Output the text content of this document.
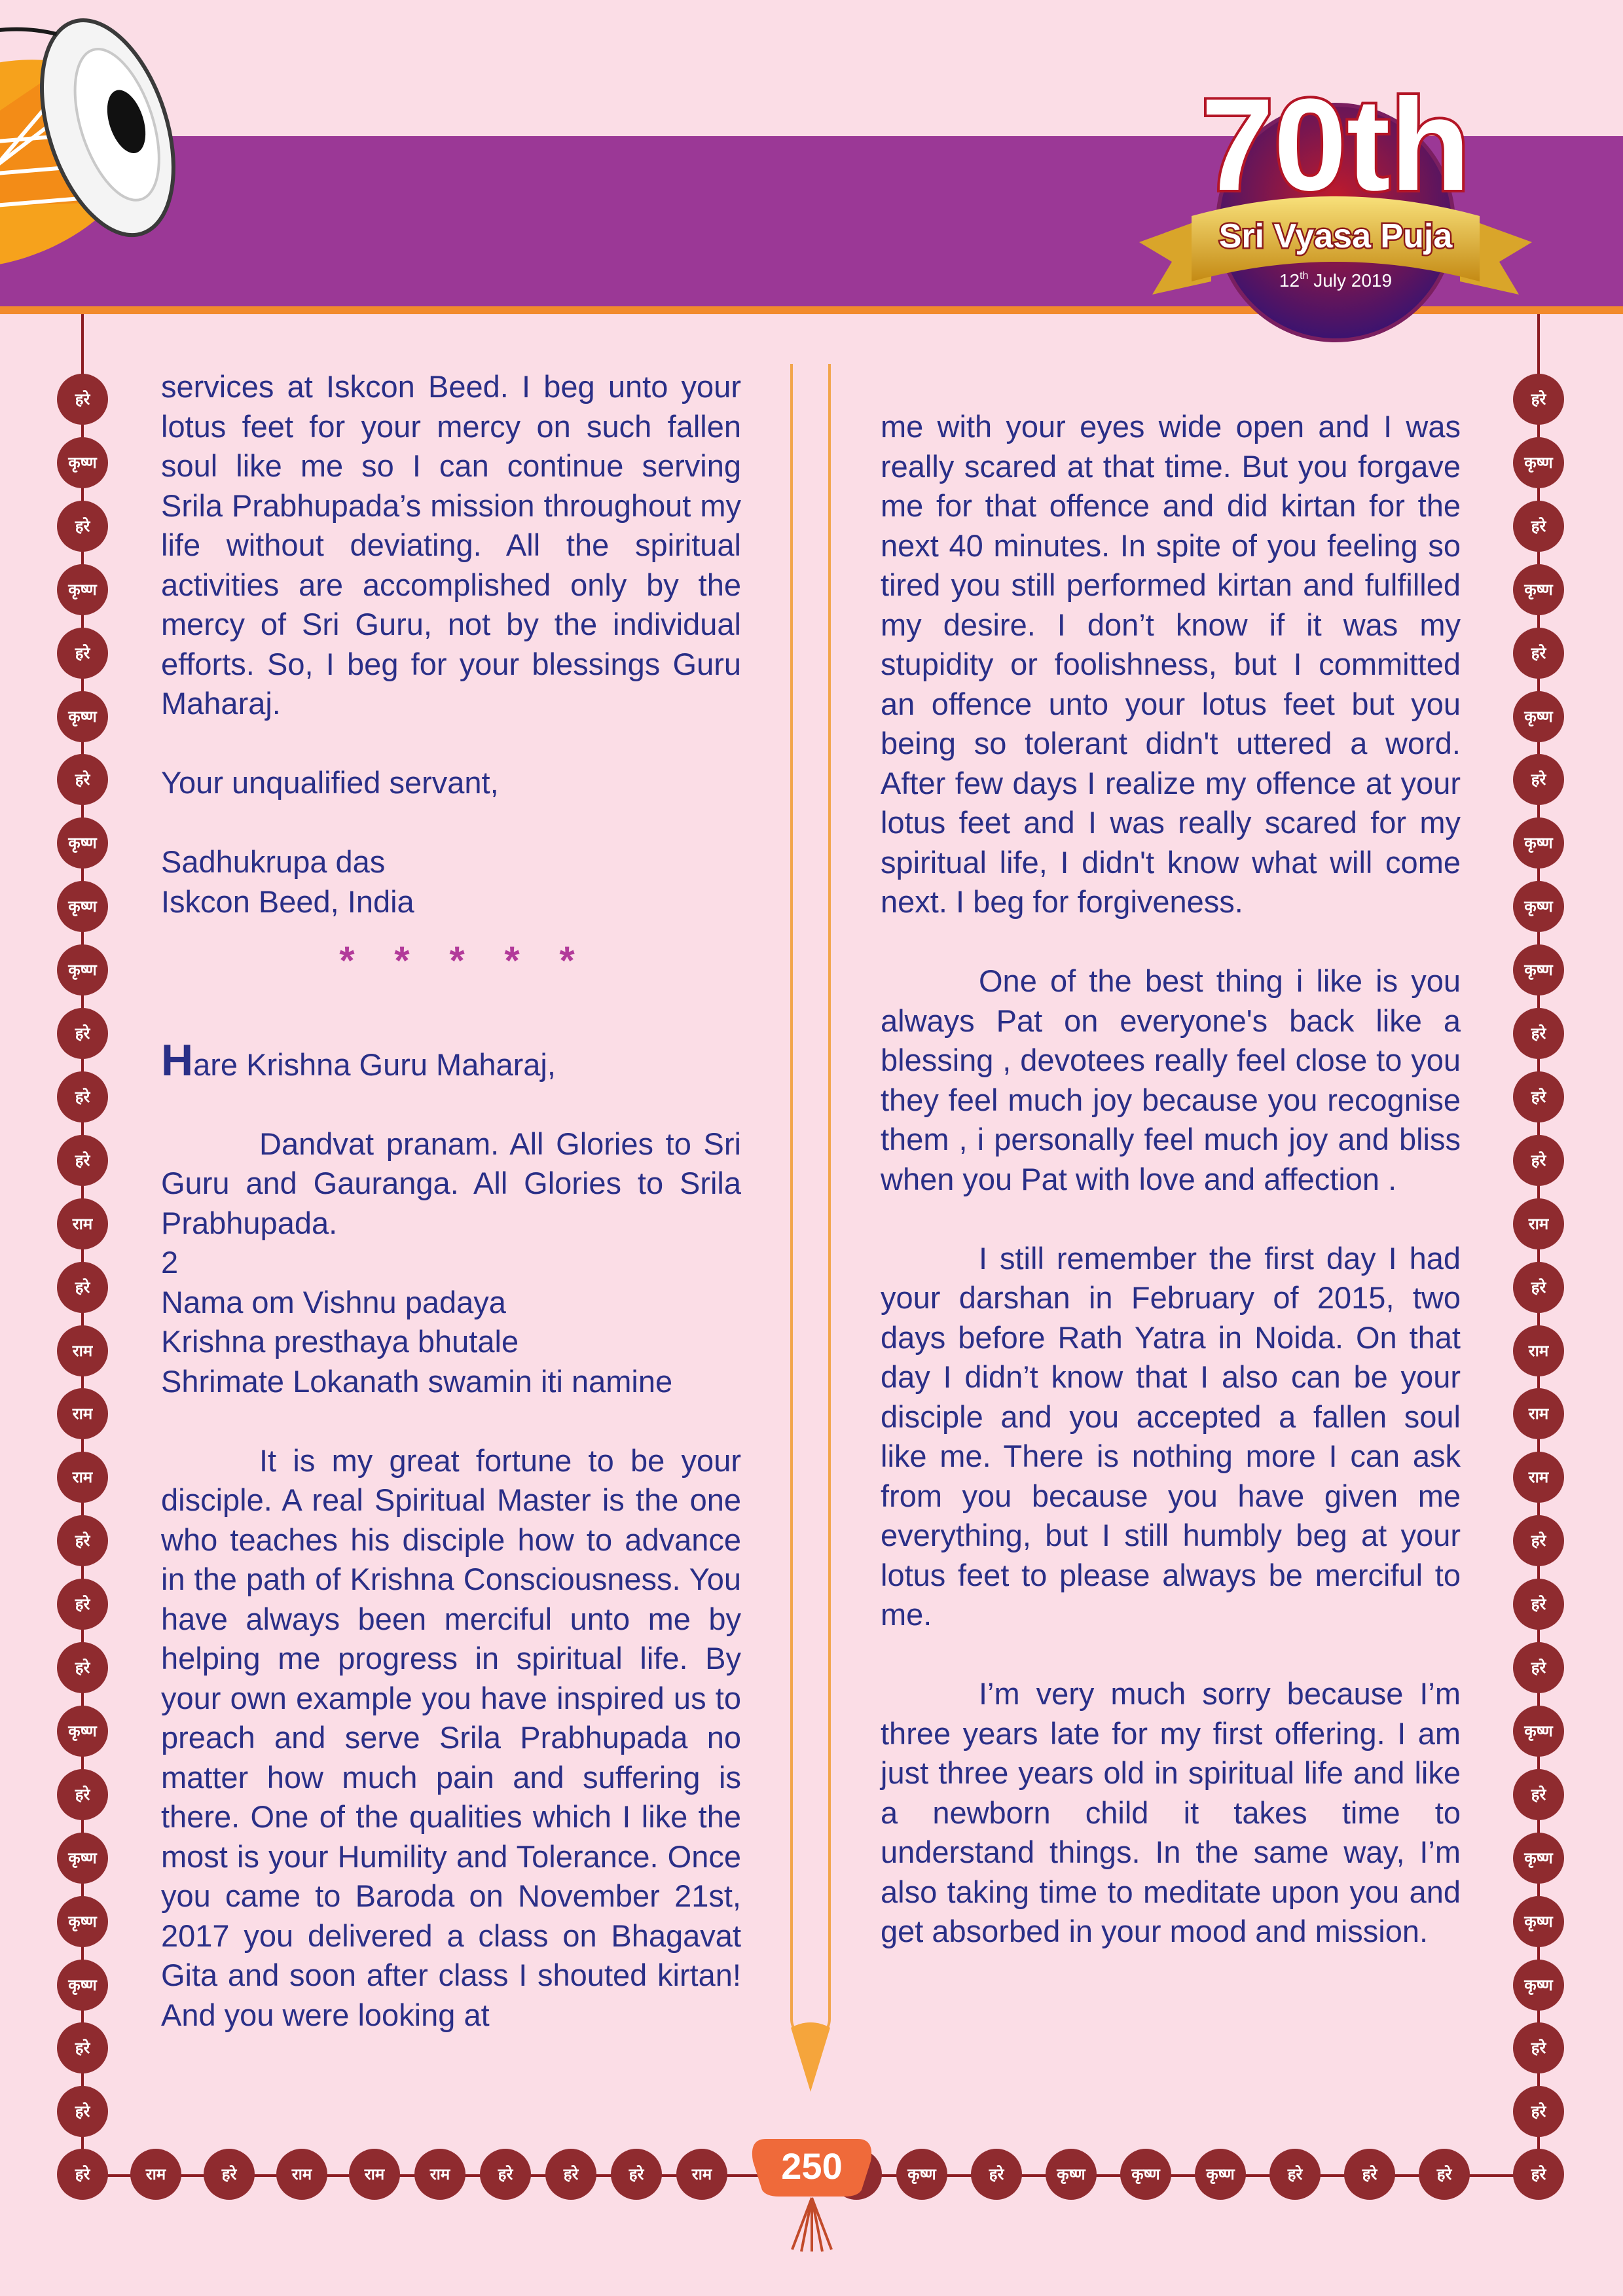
70th
Sri Vyasa Puja
12th July 2019
हरे
कृष्ण
हरे
कृष्ण
हरे
कृष्ण
हरे
कृष्ण
कृष्ण
कृष्ण
हरे
हरे
हरे
राम
हरे
राम
राम
राम
हरे
हरे
हरे
कृष्ण
हरे
कृष्ण
कृष्ण
कृष्ण
हरे
हरे
हरे
कृष्ण
हरे
कृष्ण
हरे
कृष्ण
हरे
कृष्ण
कृष्ण
कृष्ण
हरे
हरे
हरे
राम
हरे
राम
राम
राम
हरे
हरे
हरे
कृष्ण
हरे
कृष्ण
कृष्ण
कृष्ण
हरे
हरे
हरे	राम	हरे	राम	राम	राम	हरे	हरे	हरे	राम	कृष्ण	हरे	कृष्ण	कृष्ण	कृष्ण	हरे	हरे	हरे	हरे

services at Iskcon Beed. I beg unto your lotus feet for your mercy on such fallen soul like me so I can continue serving Srila Prabhupada’s mission throughout my life without deviating. All the spiritual activities are accomplished only by the mercy of Sri Guru, not by the individual efforts. So, I beg for your blessings Guru Maharaj.

Your unqualified servant,

Sadhukrupa das

Iskcon Beed, India

* * * * *

Hare Krishna Guru Maharaj,

Dandvat pranam. All Glories to Sri Guru and Gauranga. All Glories to Srila Prabhupada.

2

Nama om Vishnu padaya

Krishna presthaya bhutale

Shrimate Lokanath swamin iti namine

It is my great fortune to be your disciple. A real Spiritual Master is the one who teaches his disciple how to advance in the path of Krishna Consciousness. You have always been merciful unto me by helping me progress in spiritual life. By your own example you have inspired us to preach and serve Srila Prabhupada no matter how much pain and suffering is there. One of the qualities which I like the most is your Humility and Tolerance. Once you came to Baroda on November 21st, 2017 you delivered a class on Bhagavat Gita and soon after class I shouted kirtan! And you were looking at

me with your eyes wide open and I was really scared at that time. But you forgave me for that offence and did kirtan for the next 40 minutes. In spite of you feeling so tired you still performed kirtan and fulfilled my desire. I don’t know if it was my stupidity or foolishness, but I committed an offence unto your lotus feet but you being so tolerant didn't uttered a word. After few days I realize my offence at your lotus feet and I was really scared for my spiritual life, I didn't know what will come next. I beg for forgiveness.

One of the best thing i like is you always Pat on everyone's back like a blessing , devotees really feel close to you they feel much joy because you recognise them , i personally feel much joy and bliss when you Pat with love and affection .

I still remember the first day I had your darshan in February of 2015, two days before Rath Yatra in Noida. On that day I didn’t know that I also can be your disciple and you accepted a fallen soul like me. There is nothing more I can ask from you because you have given me everything, but I still humbly beg at your lotus feet to please always be merciful to me.

I’m very much sorry because I’m three years late for my first offering. I am just three years old in spiritual life and like a newborn child it takes time to understand things. In the same way, I’m also taking time to meditate upon you and get absorbed in your mood and mission.

250
